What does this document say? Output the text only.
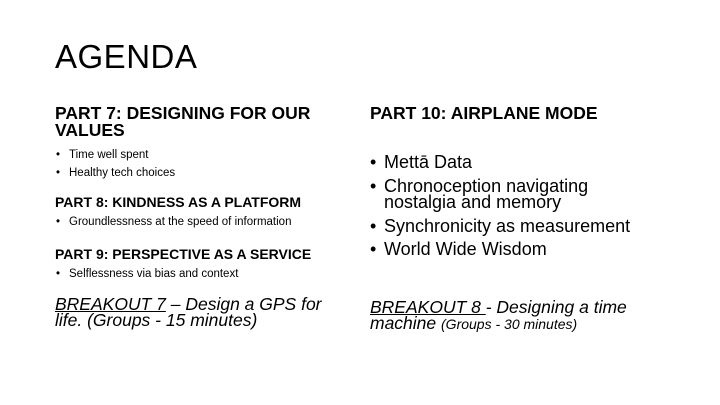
AGENDA
PART 7: DESIGNING FOR OUR VALUES
• Time well spent
• Healthy tech choices
PART 8: KINDNESS AS A PLATFORM
• Groundlessness at the speed of information
PART 9: PERSPECTIVE AS A SERVICE
• Selflessness via bias and context
BREAKOUT 7 – Design a GPS for life. (Groups - 15 minutes)
PART 10: AIRPLANE MODE
• Mettā Data
• Chronoception navigating nostalgia and memory
• Synchronicity as measurement
• World Wide Wisdom
BREAKOUT 8 - Designing a time machine (Groups - 30 minutes)
